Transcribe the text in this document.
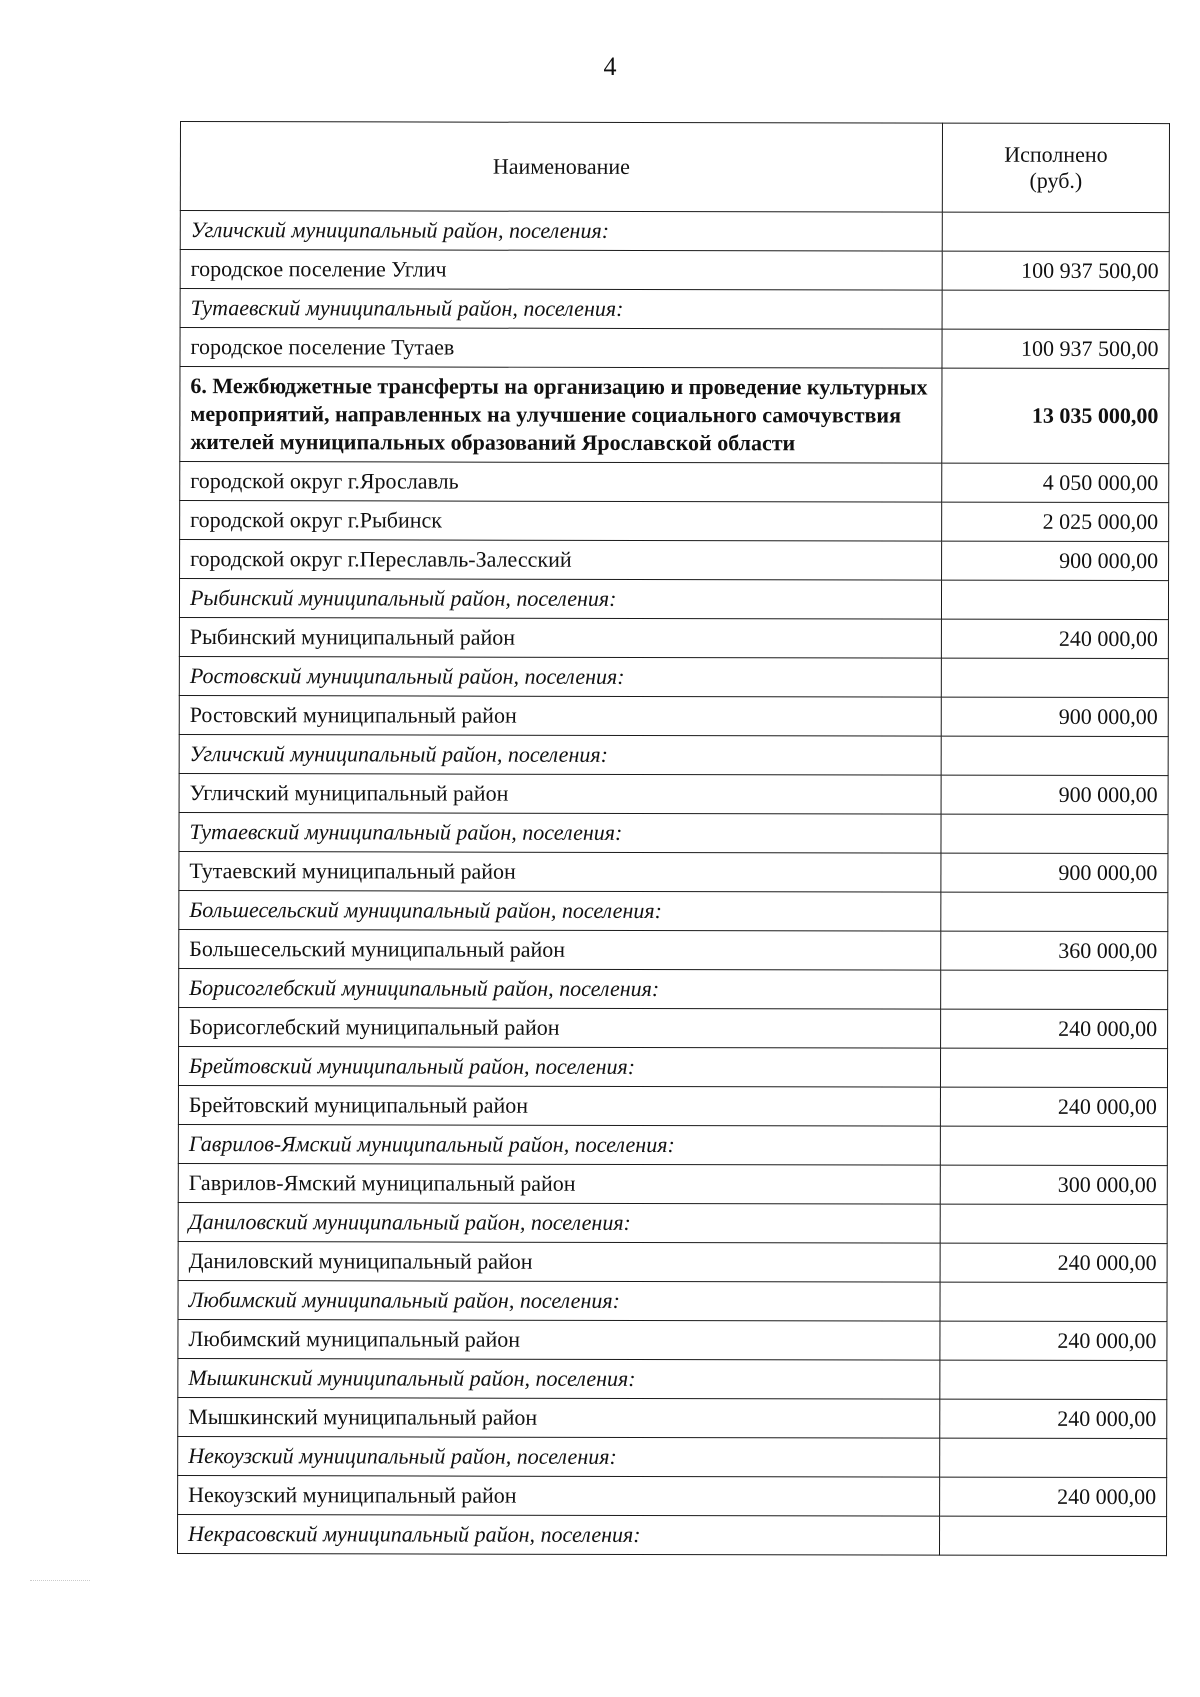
4
Наименование	Исполнено
(руб.)

Угличский муниципальный район, поселения:	
городское поселение Углич	100 937 500,00
Тутаевский муниципальный район, поселения:	
городское поселение Тутаев	100 937 500,00
6. Межбюджетные трансферты на организацию и проведение культурных мероприятий, направленных на улучшение социального самочувствия жителей муниципальных образований Ярославской области	13 035 000,00
городской округ г.Ярославль	4 050 000,00
городской округ г.Рыбинск	2 025 000,00
городской округ г.Переславль-Залесский	900 000,00
Рыбинский муниципальный район, поселения:	
Рыбинский муниципальный район	240 000,00
Ростовский муниципальный район, поселения:	
Ростовский муниципальный район	900 000,00
Угличский муниципальный район, поселения:	
Угличский муниципальный район	900 000,00
Тутаевский муниципальный район, поселения:	
Тутаевский муниципальный район	900 000,00
Большесельский муниципальный район, поселения:	
Большесельский муниципальный район	360 000,00
Борисоглебский муниципальный район, поселения:	
Борисоглебский муниципальный район	240 000,00
Брейтовский муниципальный район, поселения:	
Брейтовский муниципальный район	240 000,00
Гаврилов-Ямский муниципальный район, поселения:	
Гаврилов-Ямский муниципальный район	300 000,00
Даниловский муниципальный район, поселения:	
Даниловский муниципальный район	240 000,00
Любимский муниципальный район, поселения:	
Любимский муниципальный район	240 000,00
Мышкинский муниципальный район, поселения:	
Мышкинский муниципальный район	240 000,00
Некоузский муниципальный район, поселения:	
Некоузский муниципальный район	240 000,00
Некрасовский муниципальный район, поселения:	
